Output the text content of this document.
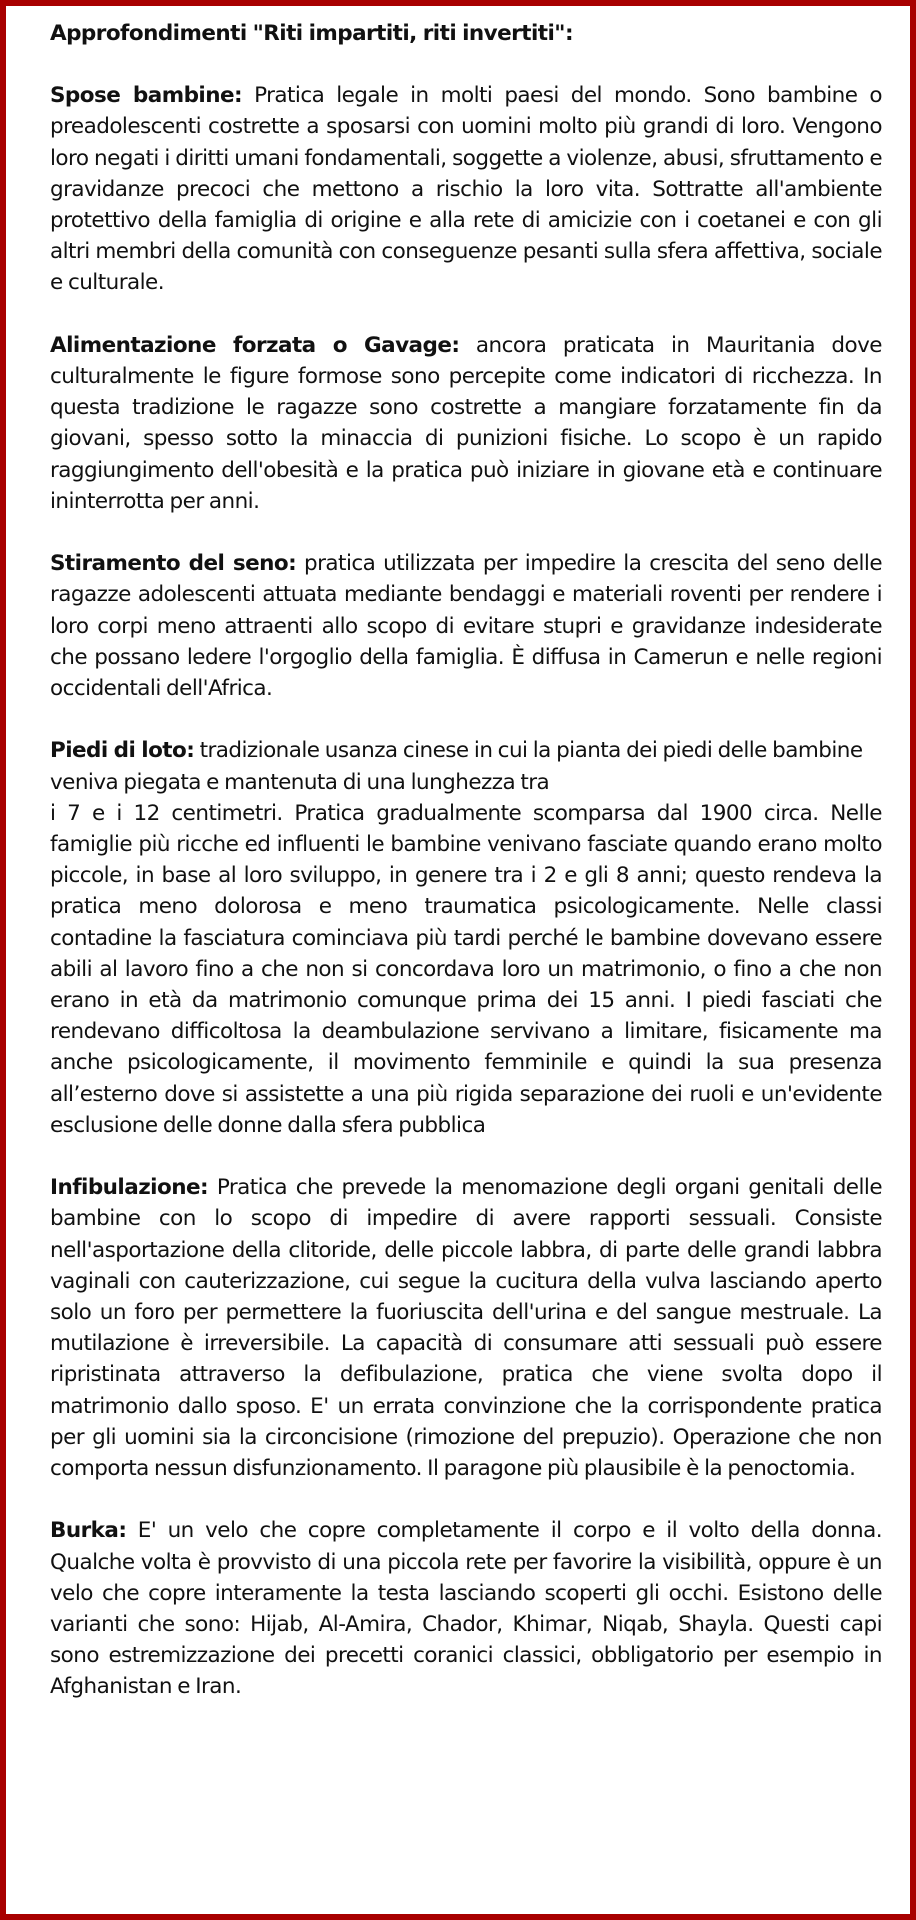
Approfondimenti "Riti impartiti, riti invertiti":

Spose bambine: Pratica legale in molti paesi del mondo. Sono bambine o preadolescenti costrette a sposarsi con uomini molto più grandi di loro. Vengono loro negati i diritti umani fondamentali, soggette a violenze, abusi, sfruttamento e gravidanze precoci che mettono a rischio la loro vita. Sottratte all'ambiente protettivo della famiglia di origine e alla rete di amicizie con i coetanei e con gli altri membri della comunità con conseguenze pesanti sulla sfera affettiva, sociale e culturale.

Alimentazione forzata o Gavage: ancora praticata in Mauritania dove culturalmente le figure formose sono percepite come indicatori di ricchezza. In questa tradizione le ragazze sono costrette a mangiare forzatamente fin da giovani, spesso sotto la minaccia di punizioni fisiche. Lo scopo è un rapido raggiungimento dell'obesità e la pratica può iniziare in giovane età e continuare ininterrotta per anni.

Stiramento del seno: pratica utilizzata per impedire la crescita del seno delle ragazze adolescenti attuata mediante bendaggi e materiali roventi per rendere i loro corpi meno attraenti allo scopo di evitare stupri e gravidanze indesiderate che possano ledere l'orgoglio della famiglia. È diffusa in Camerun e nelle regioni occidentali dell'Africa.

Piedi di loto: tradizionale usanza cinese in cui la pianta dei piedi delle bambine veniva piegata e mantenuta di una lunghezza tra
i 7 e i 12 centimetri. Pratica gradualmente scomparsa dal 1900 circa. Nelle famiglie più ricche ed influenti le bambine venivano fasciate quando erano molto piccole, in base al loro sviluppo, in genere tra i 2 e gli 8 anni; questo rendeva la pratica meno dolorosa e meno traumatica psicologicamente. Nelle classi contadine la fasciatura cominciava più tardi perché le bambine dovevano essere abili al lavoro fino a che non si concordava loro un matrimonio, o fino a che non erano in età da matrimonio comunque prima dei 15 anni. I piedi fasciati che rendevano difficoltosa la deambulazione servivano a limitare, fisicamente ma anche psicologicamente, il movimento femminile e quindi la sua presenza all’esterno dove si assistette a una più rigida separazione dei ruoli e un'evidente esclusione delle donne dalla sfera pubblica

Infibulazione: Pratica che prevede la menomazione degli organi genitali delle bambine con lo scopo di impedire di avere rapporti sessuali. Consiste nell'asportazione della clitoride, delle piccole labbra, di parte delle grandi labbra vaginali con cauterizzazione, cui segue la cucitura della vulva lasciando aperto solo un foro per permettere la fuoriuscita dell'urina e del sangue mestruale. La mutilazione è irreversibile. La capacità di consumare atti sessuali può essere ripristinata attraverso la defibulazione, pratica che viene svolta dopo il matrimonio dallo sposo. E' un errata convinzione che la corrispondente pratica per gli uomini sia la circoncisione (rimozione del prepuzio). Operazione che non comporta nessun disfunzionamento. Il paragone più plausibile è la penoctomia.

Burka: E' un velo che copre completamente il corpo e il volto della donna. Qualche volta è provvisto di una piccola rete per favorire la visibilità, oppure è un velo che copre interamente la testa lasciando scoperti gli occhi. Esistono delle varianti che sono: Hijab, Al-Amira, Chador, Khimar, Niqab, Shayla. Questi capi sono estremizzazione dei precetti coranici classici, obbligatorio per esempio in Afghanistan e Iran.
